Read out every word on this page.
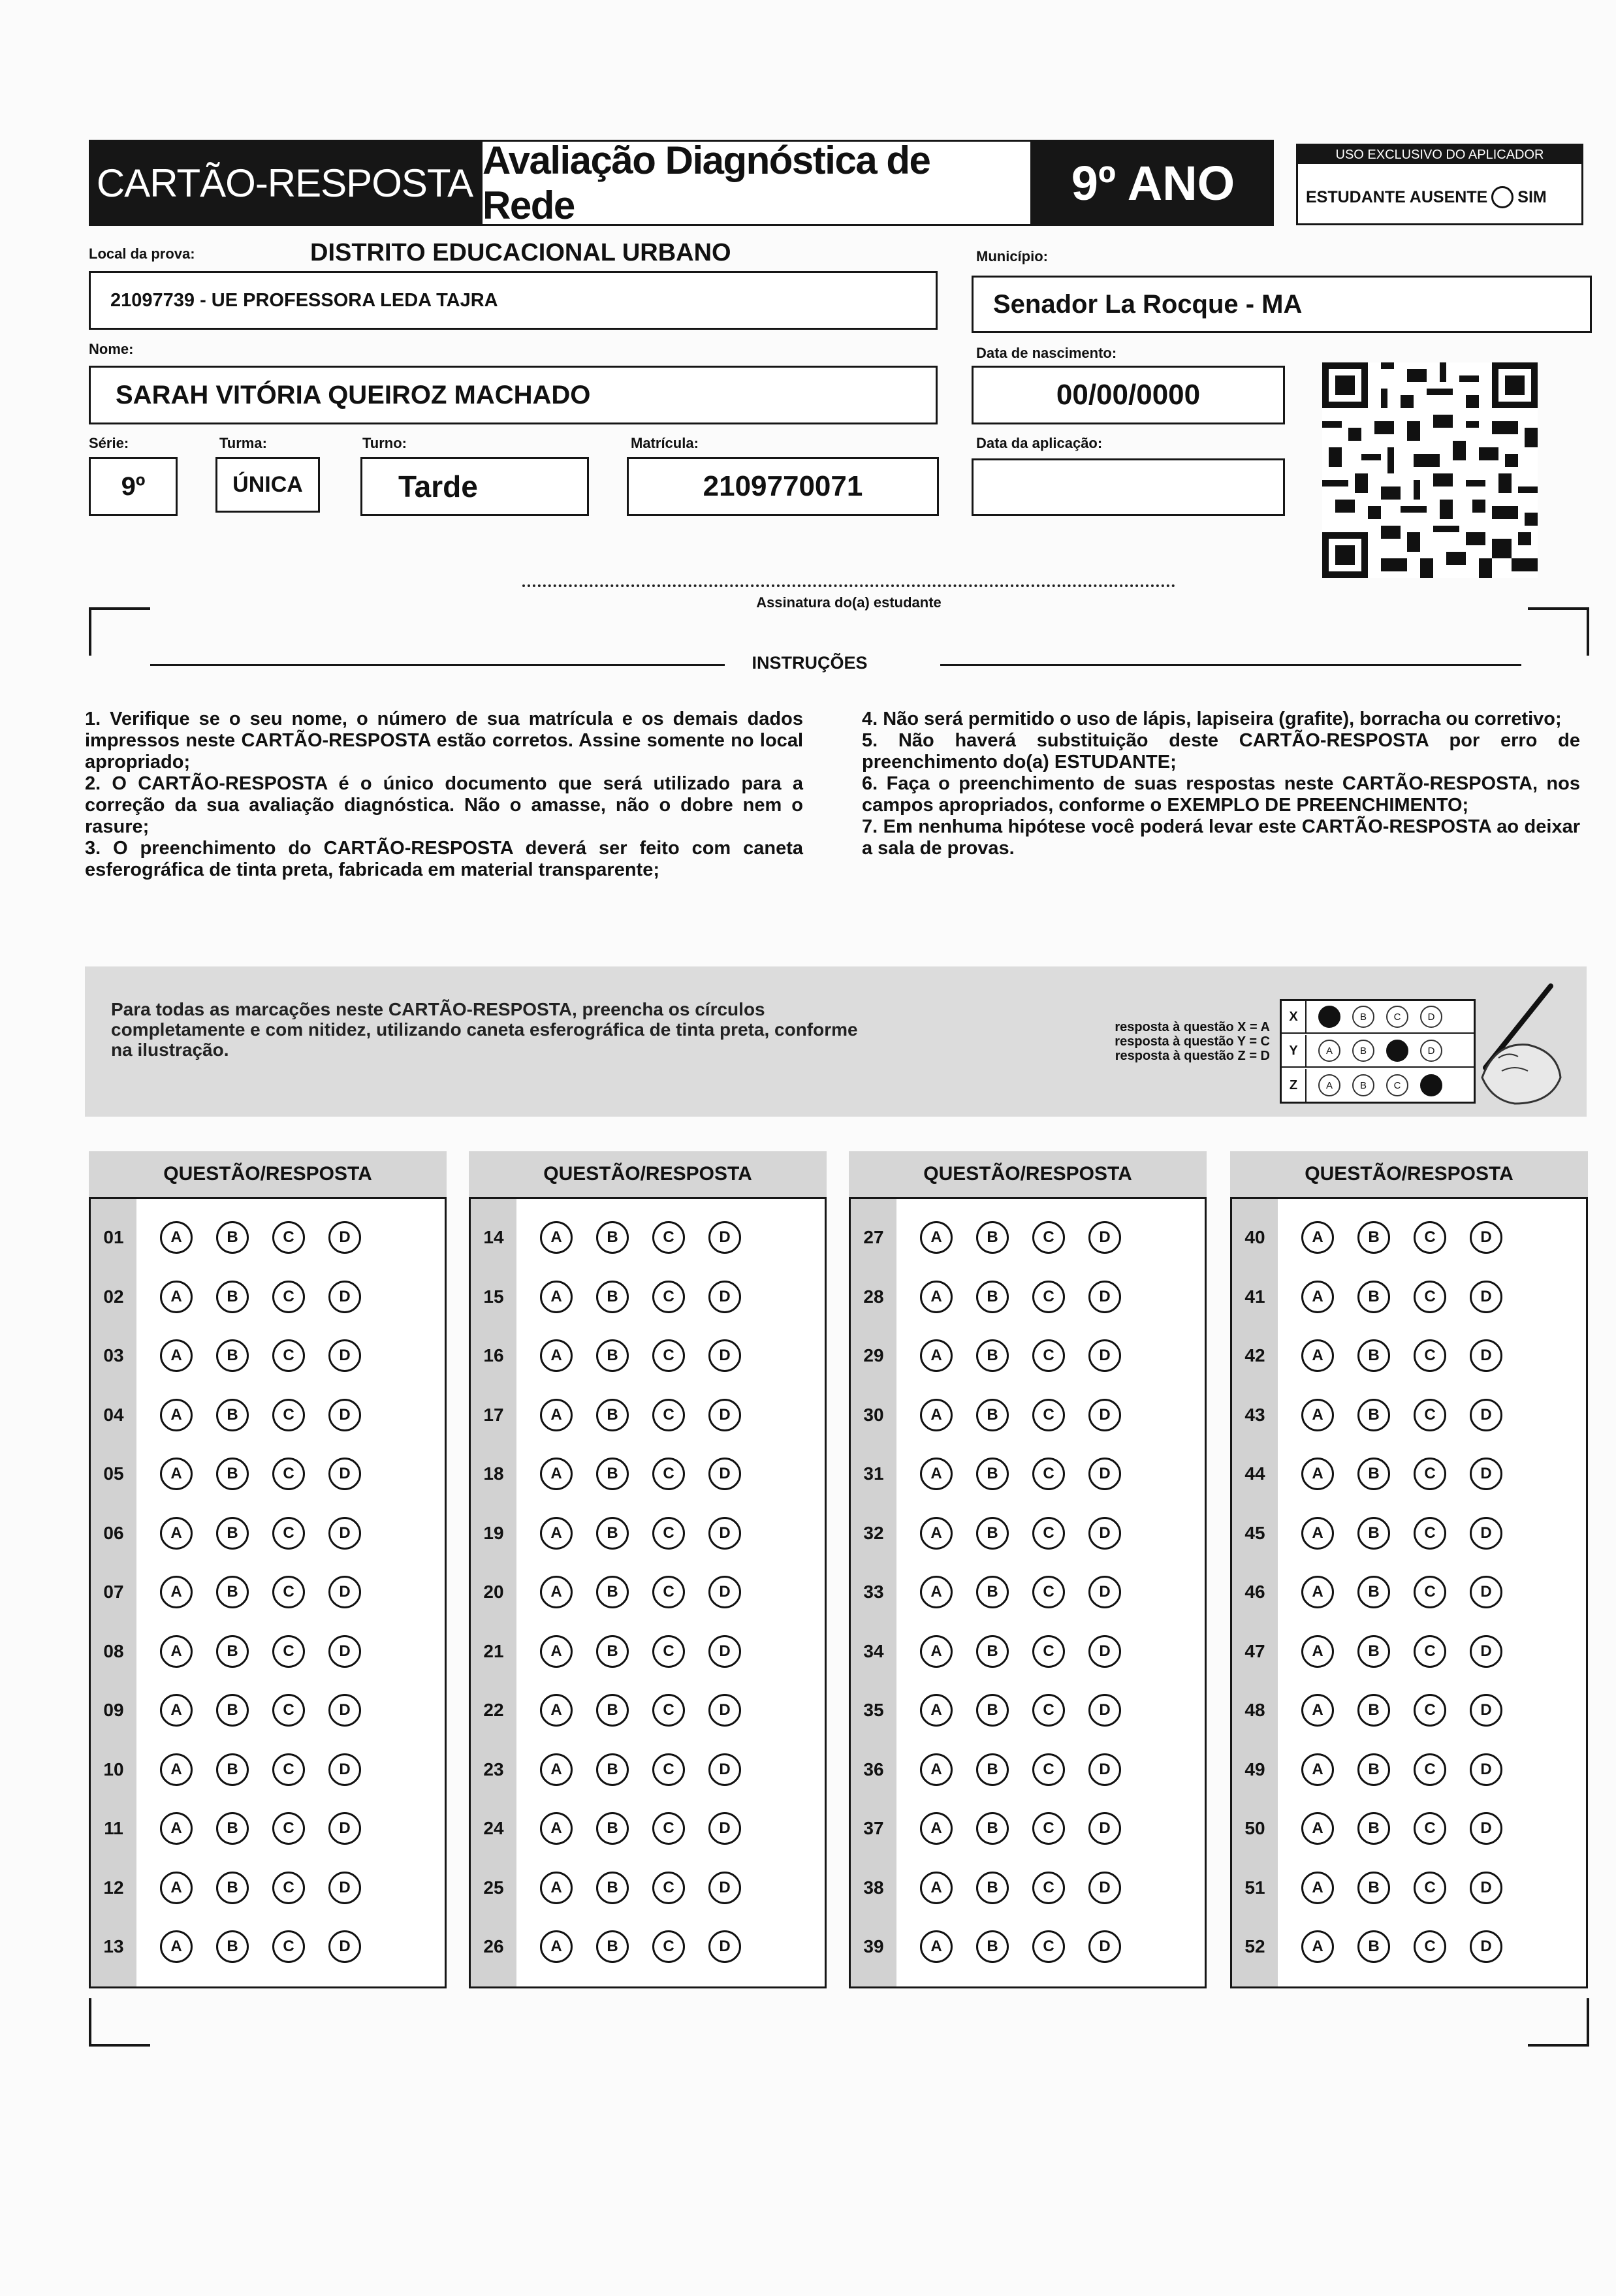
CARTÃO-RESPOSTA
Avaliação Diagnóstica de Rede	9º ANO
USO EXCLUSIVO DO APLICADOR
ESTUDANTE AUSENTE SIM
Local da prova:	DISTRITO EDUCACIONAL URBANO
21097739 - UE PROFESSORA LEDA TAJRA
Município:
Senador La Rocque - MA
Nome:
SARAH VITÓRIA QUEIROZ MACHADO
Data de nascimento:
00/00/0000
Série:
9º
Turma:
ÚNICA
Turno:
Tarde
Matrícula:
2109770071
Data da aplicação:
Assinatura do(a) estudante
INSTRUÇÕES

1. Verifique se o seu nome, o número de sua matrícula e os demais dados impressos neste CARTÃO-RESPOSTA estão corretos. Assine somente no local apropriado;

2. O CARTÃO-RESPOSTA é o único documento que será utilizado para a correção da sua avaliação diagnóstica. Não o amasse, não o dobre nem o rasure;

3. O preenchimento do CARTÃO-RESPOSTA deverá ser feito com caneta esferográfica de tinta preta, fabricada em material transparente;

4. Não será permitido o uso de lápis, lapiseira (grafite), borracha ou corretivo;

5. Não haverá substituição deste CARTÃO-RESPOSTA por erro de preenchimento do(a) ESTUDANTE;

6. Faça o preenchimento de suas respostas neste CARTÃO-RESPOSTA, nos campos apropriados, conforme o EXEMPLO DE PREENCHIMENTO;

7. Em nenhuma hipótese você poderá levar este CARTÃO-RESPOSTA ao deixar a sala de provas.

Para todas as marcações neste CARTÃO-RESPOSTA, preencha os círculos completamente e com nitidez, utilizando caneta esferográfica de tinta preta, conforme na ilustração.
resposta à questão X = A
resposta à questão Y = C
resposta à questão Z = D
X	B	C	D
Y	A	B	D
Z	A	B	C
QUESTÃO/RESPOSTA
01	A	B	C	D
02	A	B	C	D
03	A	B	C	D
04	A	B	C	D
05	A	B	C	D
06	A	B	C	D
07	A	B	C	D
08	A	B	C	D
09	A	B	C	D
10	A	B	C	D
11	A	B	C	D
12	A	B	C	D
13	A	B	C	D
QUESTÃO/RESPOSTA
14	A	B	C	D
15	A	B	C	D
16	A	B	C	D
17	A	B	C	D
18	A	B	C	D
19	A	B	C	D
20	A	B	C	D
21	A	B	C	D
22	A	B	C	D
23	A	B	C	D
24	A	B	C	D
25	A	B	C	D
26	A	B	C	D
QUESTÃO/RESPOSTA
27	A	B	C	D
28	A	B	C	D
29	A	B	C	D
30	A	B	C	D
31	A	B	C	D
32	A	B	C	D
33	A	B	C	D
34	A	B	C	D
35	A	B	C	D
36	A	B	C	D
37	A	B	C	D
38	A	B	C	D
39	A	B	C	D
QUESTÃO/RESPOSTA
40	A	B	C	D
41	A	B	C	D
42	A	B	C	D
43	A	B	C	D
44	A	B	C	D
45	A	B	C	D
46	A	B	C	D
47	A	B	C	D
48	A	B	C	D
49	A	B	C	D
50	A	B	C	D
51	A	B	C	D
52	A	B	C	D
